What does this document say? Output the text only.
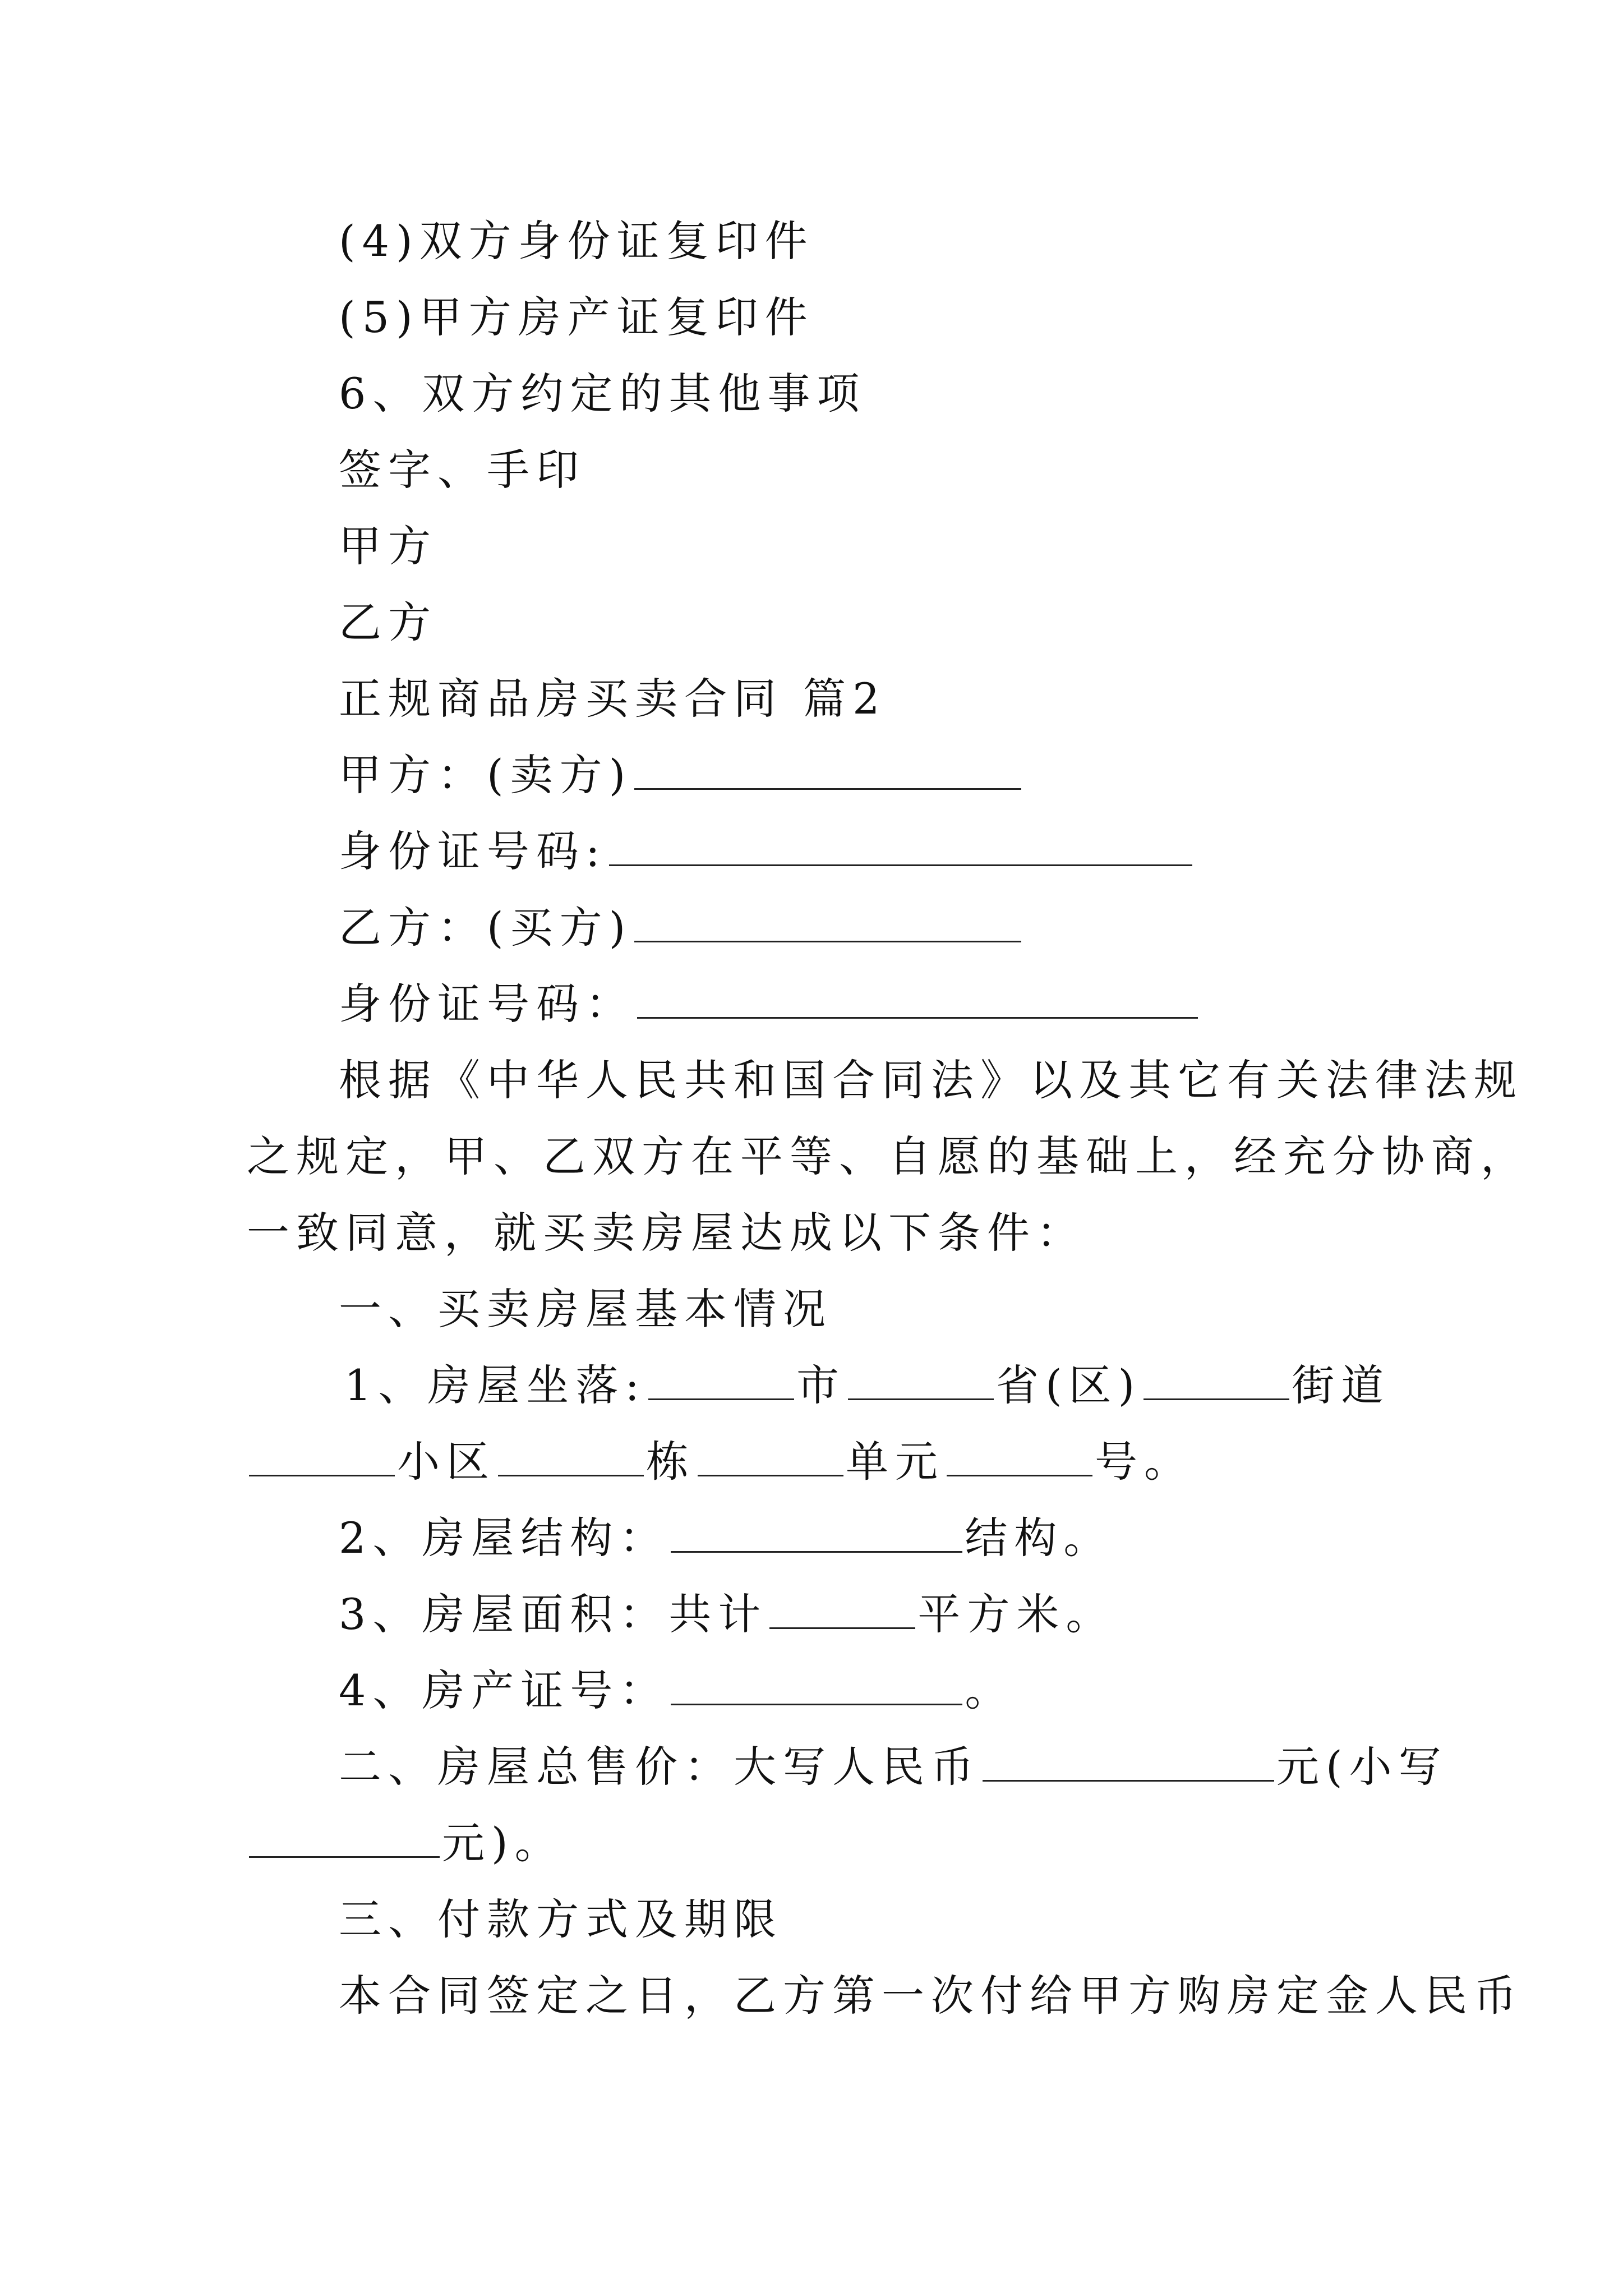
(4)双方身份证复印件
(5)甲方房产证复印件
6、双方约定的其他事项
签字、手印
甲方
乙方
正规商品房买卖合同 篇2
甲方：(卖方)
身份证号码:
乙方：(买方)
身份证号码：
根据《中华人民共和国合同法》以及其它有关法律法规
之规定，甲、乙双方在平等、自愿的基础上，经充分协商，
一致同意，就买卖房屋达成以下条件：
一、买卖房屋基本情况
1、房屋坐落:	市	省(区)	街道
小区	栋	单元	号。
2、房屋结构：	结构。
3、房屋面积：共计	平方米。
4、房产证号：	。
二、房屋总售价：大写人民币	元(小写
元)。
三、付款方式及期限
本合同签定之日，乙方第一次付给甲方购房定金人民币
